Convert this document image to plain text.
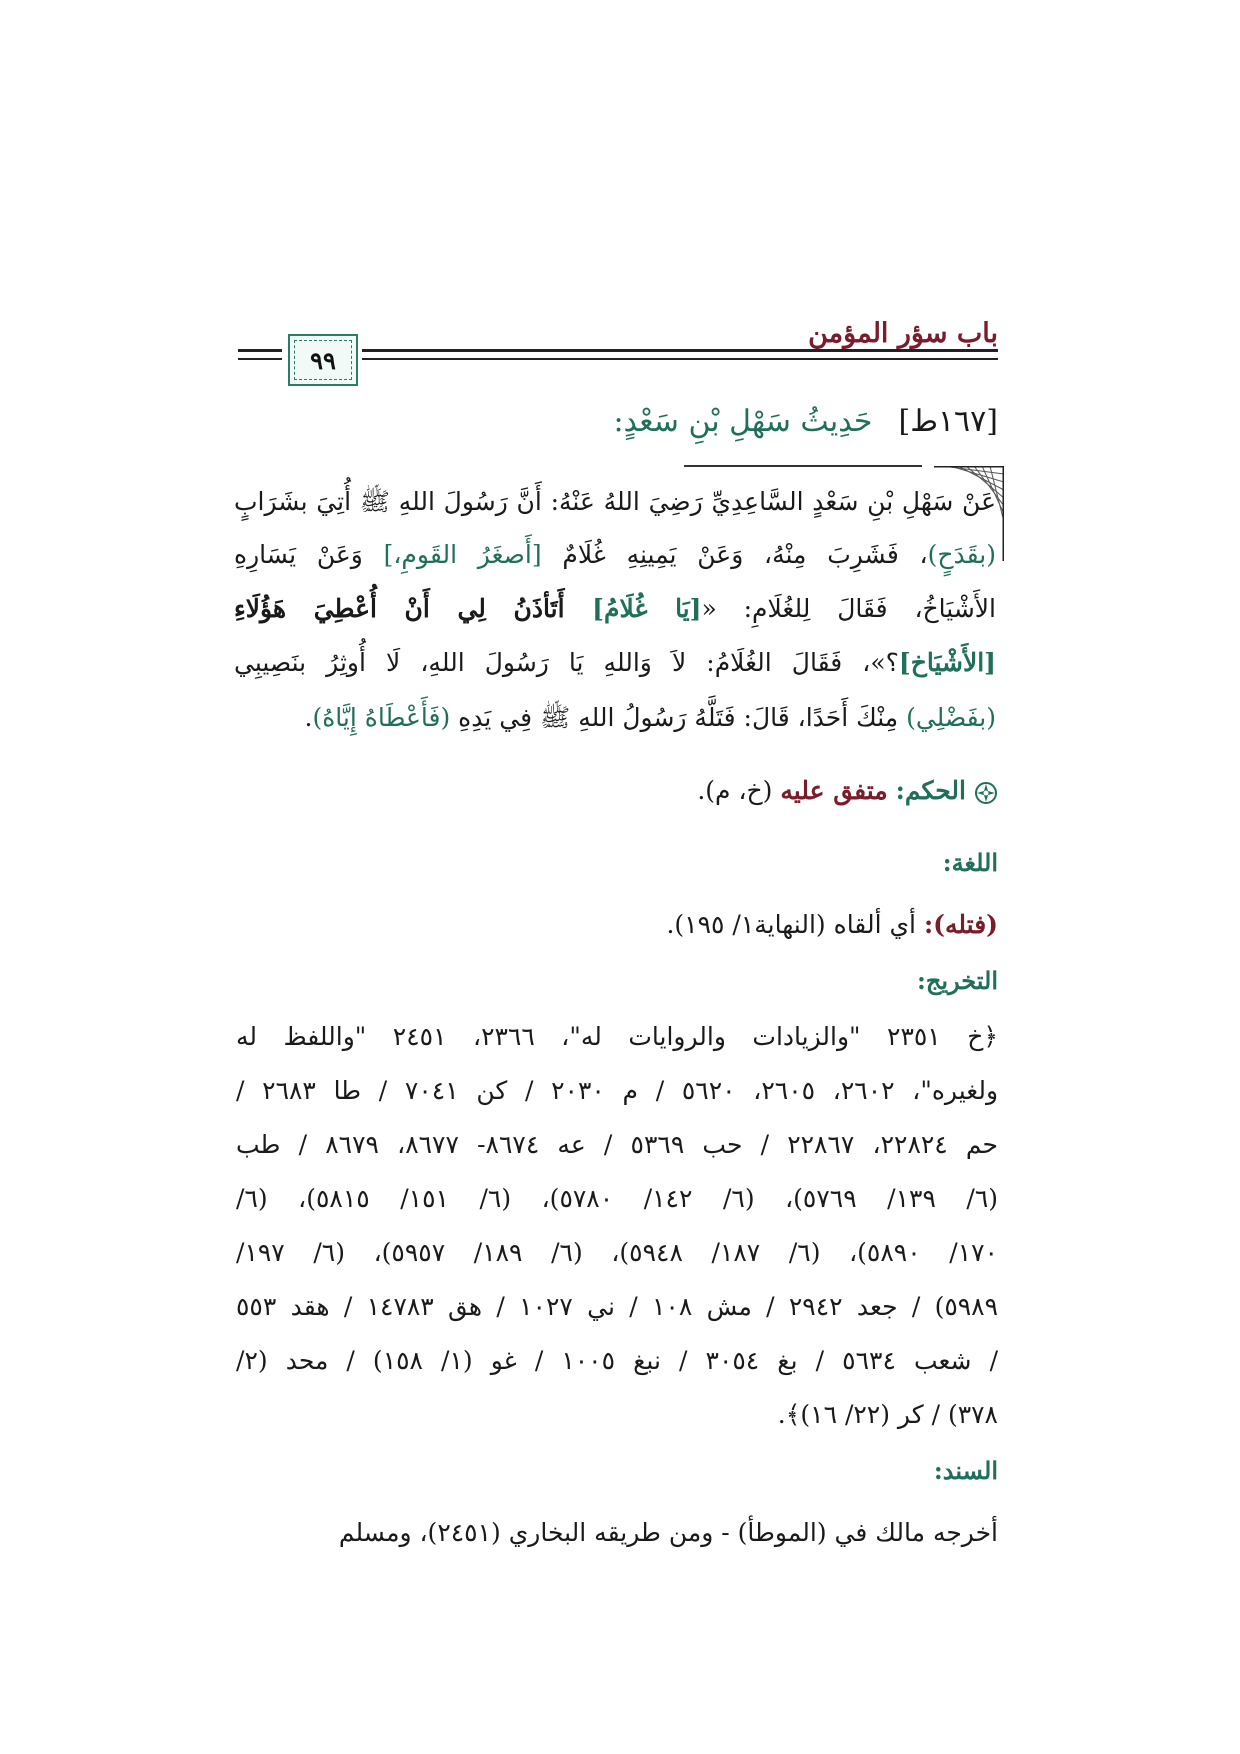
باب سؤر المؤمن
٩٩
[١٦٧ط]حَدِيثُ سَهْلِ بْنِ سَعْدٍ:
عَنْ سَهْلِ بْنِ سَعْدٍ السَّاعِدِيِّ رَضِيَ اللهُ عَنْهُ: أَنَّ رَسُولَ اللهِ ﷺ أُتِيَ بشَرَابٍ
(بقَدَحٍ)، فَشَرِبَ مِنْهُ، وَعَنْ يَمِينِهِ غُلَامٌ [أَصغَرُ القَومِ،] وَعَنْ يَسَارِهِ
الأَشْيَاخُ، فَقَالَ لِلغُلَامِ: «[يَا غُلَامُ] أَتَأذَنُ لِي أَنْ أُعْطِيَ هَؤُلَاءِ
[الأَشْيَاخ]؟»، فَقَالَ الغُلَامُ: لاَ وَاللهِ يَا رَسُولَ اللهِ، لَا أُوثِرُ بنَصِيبِي
(بفَضْلِي) مِنْكَ أَحَدًا، قَالَ: فَتَلَّهُ رَسُولُ اللهِ ﷺ فِي يَدِهِ (فَأَعْطَاهُ إِيَّاهُ).
الحكم: متفق عليه (خ، م).
اللغة:
(فتله): أي ألقاه (النهاية١/ ١٩٥).
التخريج:
﴿خ ٢٣٥١ "والزيادات والروايات له"، ٢٣٦٦، ٢٤٥١ "واللفظ له
ولغيره"، ٢٦٠٢، ٢٦٠٥، ٥٦٢٠ / م ٢٠٣٠ / كن ٧٠٤١ / طا ٢٦٨٣ /
حم ٢٢٨٢٤، ٢٢٨٦٧ / حب ٥٣٦٩ / عه ٨٦٧٤- ٨٦٧٧، ٨٦٧٩ / طب
(٦/ ١٣٩/ ٥٧٦٩)، (٦/ ١٤٢/ ٥٧٨٠)، (٦/ ١٥١/ ٥٨١٥)، (٦/
١٧٠/ ٥٨٩٠)، (٦/ ١٨٧/ ٥٩٤٨)، (٦/ ١٨٩/ ٥٩٥٧)، (٦/ ١٩٧/
٥٩٨٩) / جعد ٢٩٤٢ / مش ١٠٨ / ني ١٠٢٧ / هق ١٤٧٨٣ / هقد ٥٥٣
/ شعب ٥٦٣٤ / بغ ٣٠٥٤ / نبغ ١٠٠٥ / غو (١/ ١٥٨) / محد (٢/
٣٧٨) / كر (٢٢/ ١٦)﴾.
السند:
أخرجه مالك في (الموطأ) - ومن طريقه البخاري (٢٤٥١)، ومسلم
